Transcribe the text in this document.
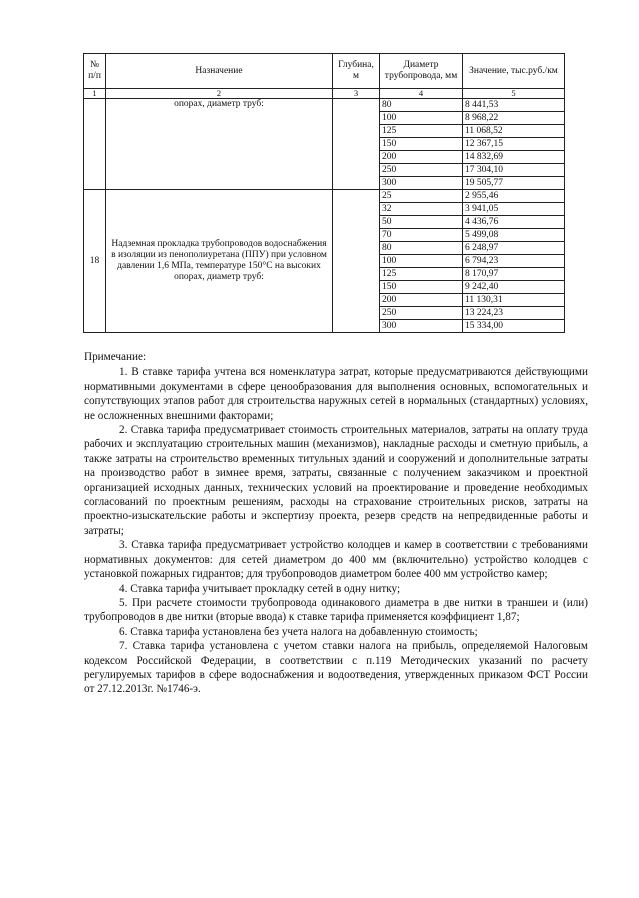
№ п/п	Назначение	Глубина, м	Диаметр трубопровода, мм	Значение, тыс.руб./км
1	2	3	4	5
	опорах, диаметр труб:		80	8 441,53
			100	8 968,22
			125	11 068,52
			150	12 367,15
			200	14 832,69
			250	17 304,10
			300	19 505,77
18	Надземная прокладка трубопроводов водоснабжения в изоляции из пенополиуретана (ППУ) при условном давлении 1,6 МПа, температуре 150°С на высоких опорах, диаметр труб:		25	2 955,46
			32	3 941,05
			50	4 436,76
			70	5 499,08
			80	6 248,97
			100	6 794,23
			125	8 170,97
			150	9 242,40
			200	11 130,31
			250	13 224,23
			300	15 334,00
Примечание:

1. В ставке тарифа учтена вся номенклатура затрат, которые предусматриваются действующими нормативными документами в сфере ценообразования для выполнения основных, вспомогательных и сопутствующих этапов работ для строительства наружных сетей в нормальных (стандартных) условиях, не осложненных внешними факторами;

2. Ставка тарифа предусматривает стоимость строительных материалов, затраты на оплату труда рабочих и эксплуатацию строительных машин (механизмов), накладные расходы и сметную прибыль, а также затраты на строительство временных титульных зданий и сооружений и дополнительные затраты на производство работ в зимнее время, затраты, связанные с получением заказчиком и проектной организацией исходных данных, технических условий на проектирование и проведение необходимых согласований по проектным решениям, расходы на страхование строительных рисков, затраты на проектно-изыскательские работы и экспертизу проекта, резерв средств на непредвиденные работы и затраты;

3. Ставка тарифа предусматривает устройство колодцев и камер в соответствии с требованиями нормативных документов: для сетей диаметром до 400 мм (включительно) устройство колодцев с установкой пожарных гидрантов; для трубопроводов диаметром более 400 мм устройство камер;

4. Ставка тарифа учитывает прокладку сетей в одну нитку;

5. При расчете стоимости трубопровода одинакового диаметра в две нитки в траншеи и (или) трубопроводов в две нитки (вторые ввода) к ставке тарифа применяется коэффициент 1,87;

6. Ставка тарифа установлена без учета налога на добавленную стоимость;

7. Ставка тарифа установлена с учетом ставки налога на прибыль, определяемой Налоговым кодексом Российской Федерации, в соответствии с п.119 Методических указаний по расчету регулируемых тарифов в сфере водоснабжения и водоотведения, утвержденных приказом ФСТ России от 27.12.2013г. №1746-э.
